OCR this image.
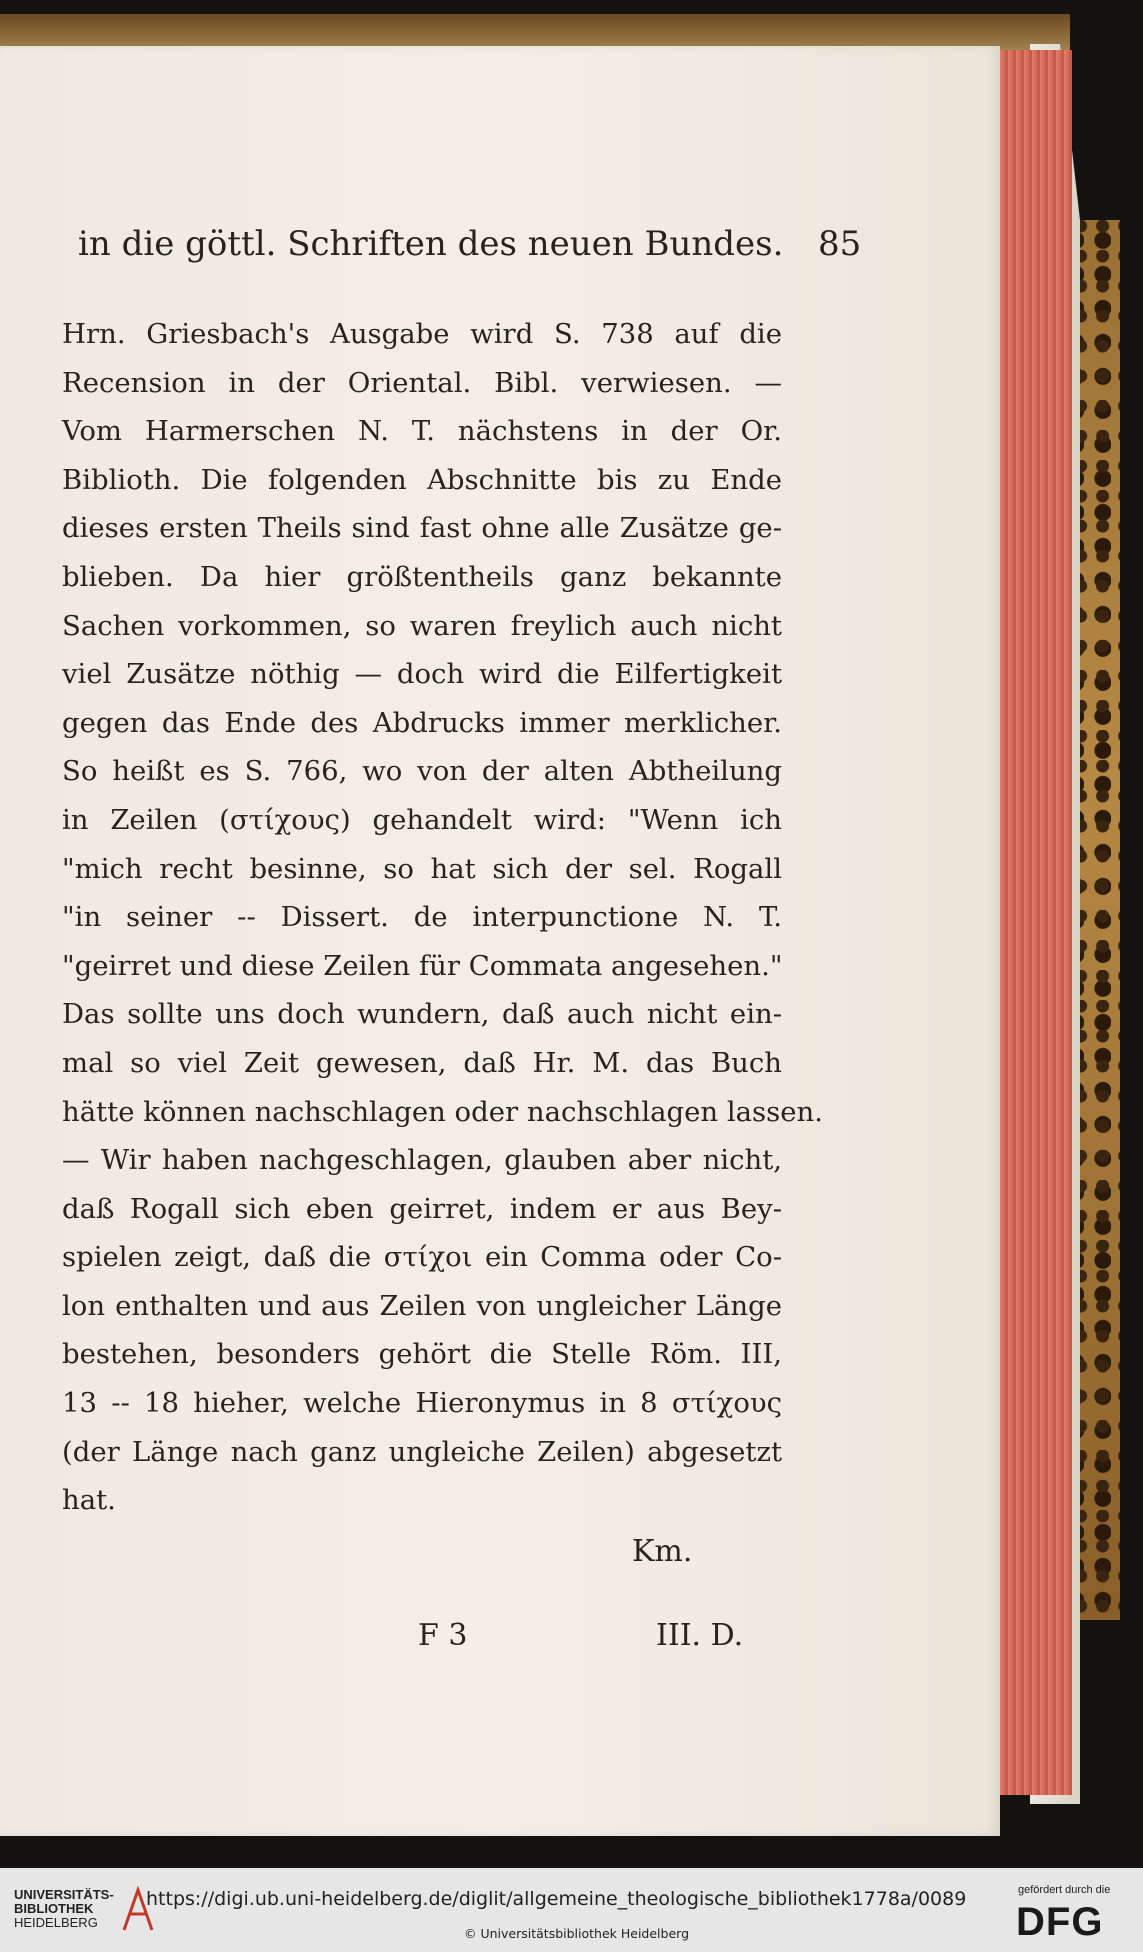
in die göttl. Schriften des neuen Bundes. 85
Hrn. Griesbach's Ausgabe wird S. 738 auf die
Recension in der Oriental. Bibl. verwiesen. —
Vom Harmerschen N. T. nächstens in der Or.
Biblioth. Die folgenden Abschnitte bis zu Ende
dieses ersten Theils sind fast ohne alle Zusätze ge-
blieben. Da hier größtentheils ganz bekannte
Sachen vorkommen, so waren freylich auch nicht
viel Zusätze nöthig — doch wird die Eilfertigkeit
gegen das Ende des Abdrucks immer merklicher.
So heißt es S. 766, wo von der alten Abtheilung
in Zeilen (στίχους) gehandelt wird: "Wenn ich
"mich recht besinne, so hat sich der sel. Rogall
"in seiner -- Dissert. de interpunctione N. T.
"geirret und diese Zeilen für Commata angesehen."
Das sollte uns doch wundern, daß auch nicht ein-
mal so viel Zeit gewesen, daß Hr. M. das Buch
hätte können nachschlagen oder nachschlagen lassen.
— Wir haben nachgeschlagen, glauben aber nicht,
daß Rogall sich eben geirret, indem er aus Bey-
spielen zeigt, daß die στίχοι ein Comma oder Co-
lon enthalten und aus Zeilen von ungleicher Länge
bestehen, besonders gehört die Stelle Röm. III,
13 -- 18 hieher, welche Hieronymus in 8 στίχους
(der Länge nach ganz ungleiche Zeilen) abgesetzt
hat.
Km.
F 3	III. D.
UNIVERSITÄTS-
BIBLIOTHEK
HEIDELBERG
https://digi.ub.uni-heidelberg.de/diglit/allgemeine_theologische_bibliothek1778a/0089
© Universitätsbibliothek Heidelberg
gefördert durch die
DFG
